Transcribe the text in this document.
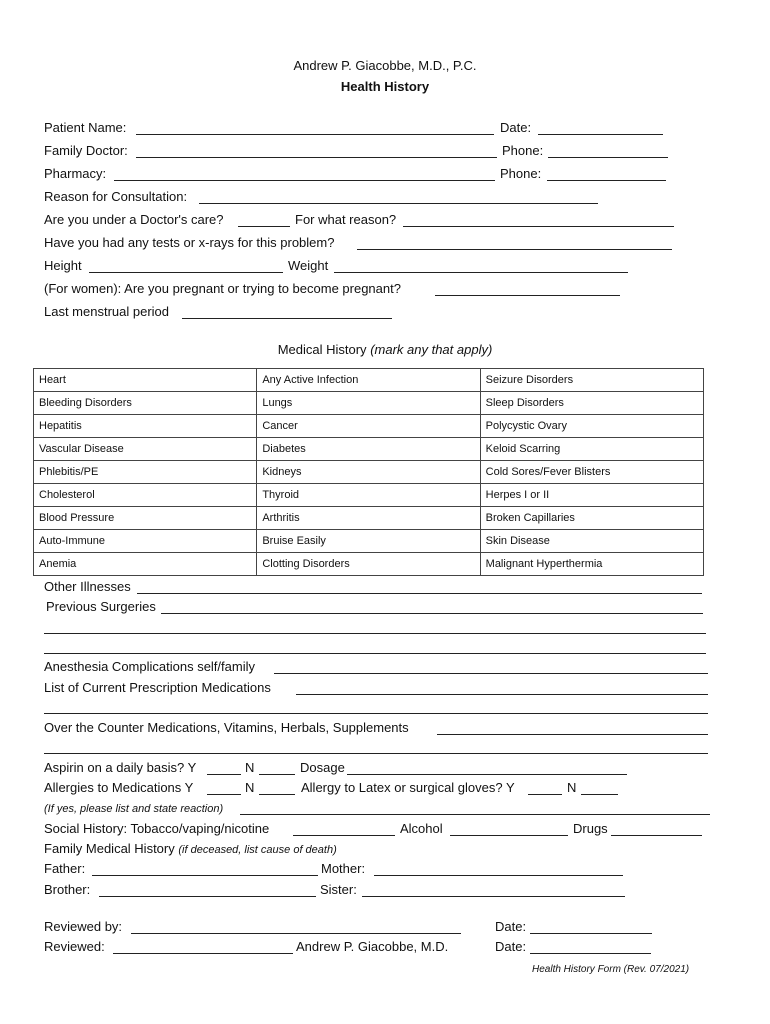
Andrew P. Giacobbe, M.D., P.C.
Health History
Patient Name:	Date:
Family Doctor:	Phone:
Pharmacy:	Phone:
Reason for Consultation:
Are you under a Doctor's care?	For what reason?
Have you had any tests or x-rays for this problem?
Height	Weight
(For women): Are you pregnant or trying to become pregnant?
Last menstrual period
Medical History (mark any that apply)
Heart	Any Active Infection	Seizure Disorders
Bleeding Disorders	Lungs	Sleep Disorders
Hepatitis	Cancer	Polycystic Ovary
Vascular Disease	Diabetes	Keloid Scarring
Phlebitis/PE	Kidneys	Cold Sores/Fever Blisters
Cholesterol	Thyroid	Herpes I or II
Blood Pressure	Arthritis	Broken Capillaries
Auto-Immune	Bruise Easily	Skin Disease
Anemia	Clotting Disorders	Malignant Hyperthermia
Other Illnesses
Previous Surgeries
Anesthesia Complications self/family
List of Current Prescription Medications
Over the Counter Medications, Vitamins, Herbals, Supplements
Aspirin on a daily basis? Y	N	Dosage
Allergies to Medications Y	N	Allergy to Latex or surgical gloves? Y	N
(If yes, please list and state reaction)
Social History: Tobacco/vaping/nicotine	Alcohol	Drugs
Family Medical History (if deceased, list cause of death)
Father:	Mother:
Brother:	Sister:
Reviewed by:	Date:
Reviewed:	Andrew P. Giacobbe, M.D.	Date:
Health History Form (Rev. 07/2021)
